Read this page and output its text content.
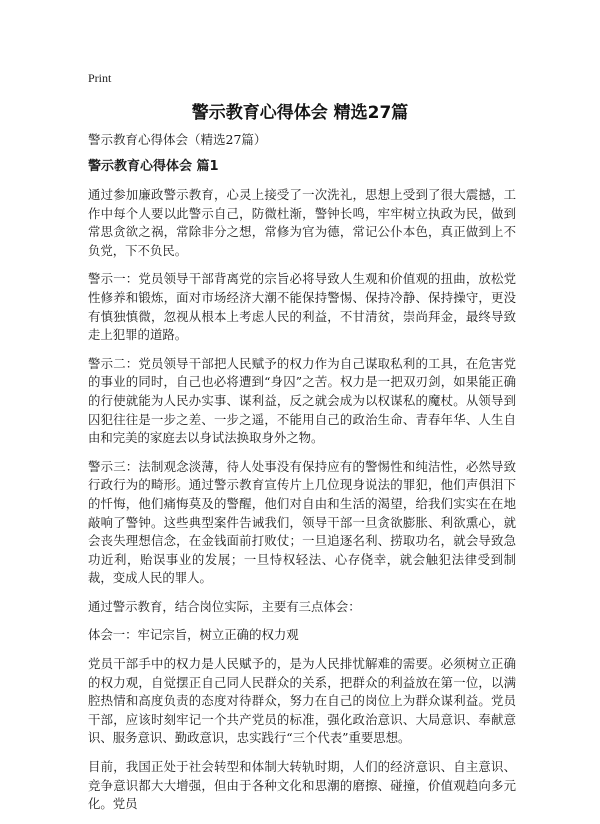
Print
警示教育心得体会 精选27篇

警示教育心得体会（精选27篇）

警示教育心得体会 篇1

通过参加廉政警示教育，心灵上接受了一次洗礼，思想上受到了很大震撼，工作中每个人要以此警示自己，防微杜渐，警钟长鸣，牢牢树立执政为民，做到常思贪欲之祸，常除非分之想，常修为官为德，常记公仆本色，真正做到上不负党，下不负民。

警示一：党员领导干部背离党的宗旨必将导致人生观和价值观的扭曲，放松党性修养和锻炼，面对市场经济大潮不能保持警惕、保持冷静、保持操守，更没有慎独慎微，忽视从根本上考虑人民的利益，不甘清贫，崇尚拜金，最终导致走上犯罪的道路。

警示二：党员领导干部把人民赋予的权力作为自己谋取私利的工具，在危害党的事业的同时，自己也必将遭到“身囚”之苦。权力是一把双刃剑，如果能正确的行使就能为人民办实事、谋利益，反之就会成为以权谋私的魔杖。从领导到囚犯往往是一步之差、一步之遥，不能用自己的政治生命、青春年华、人生自由和完美的家庭去以身试法换取身外之物。

警示三：法制观念淡薄，待人处事没有保持应有的警惕性和纯洁性，必然导致行政行为的畸形。通过警示教育宣传片上几位现身说法的罪犯，他们声俱泪下的忏悔，他们痛悔莫及的警醒，他们对自由和生活的渴望，给我们实实在在地敲响了警钟。这些典型案件告诫我们，领导干部一旦贪欲膨胀、利欲熏心，就会丧失理想信念，在金钱面前打败仗；一旦追逐名利、捞取功名，就会导致急功近利，贻误事业的发展；一旦恃权轻法、心存侥幸，就会触犯法律受到制裁，变成人民的罪人。

通过警示教育，结合岗位实际，主要有三点体会：

体会一：牢记宗旨，树立正确的权力观

党员干部手中的权力是人民赋予的，是为人民排忧解难的需要。必须树立正确的权力观，自觉摆正自己同人民群众的关系，把群众的利益放在第一位，以满腔热情和高度负责的态度对待群众，努力在自己的岗位上为群众谋利益。党员干部，应该时刻牢记一个共产党员的标准，强化政治意识、大局意识、奉献意识、服务意识、勤政意识，忠实践行“三个代表”重要思想。

目前，我国正处于社会转型和体制大转轨时期，人们的经济意识、自主意识、竞争意识都大大增强，但由于各种文化和思潮的磨擦、碰撞，价值观趋向多元化。党员
